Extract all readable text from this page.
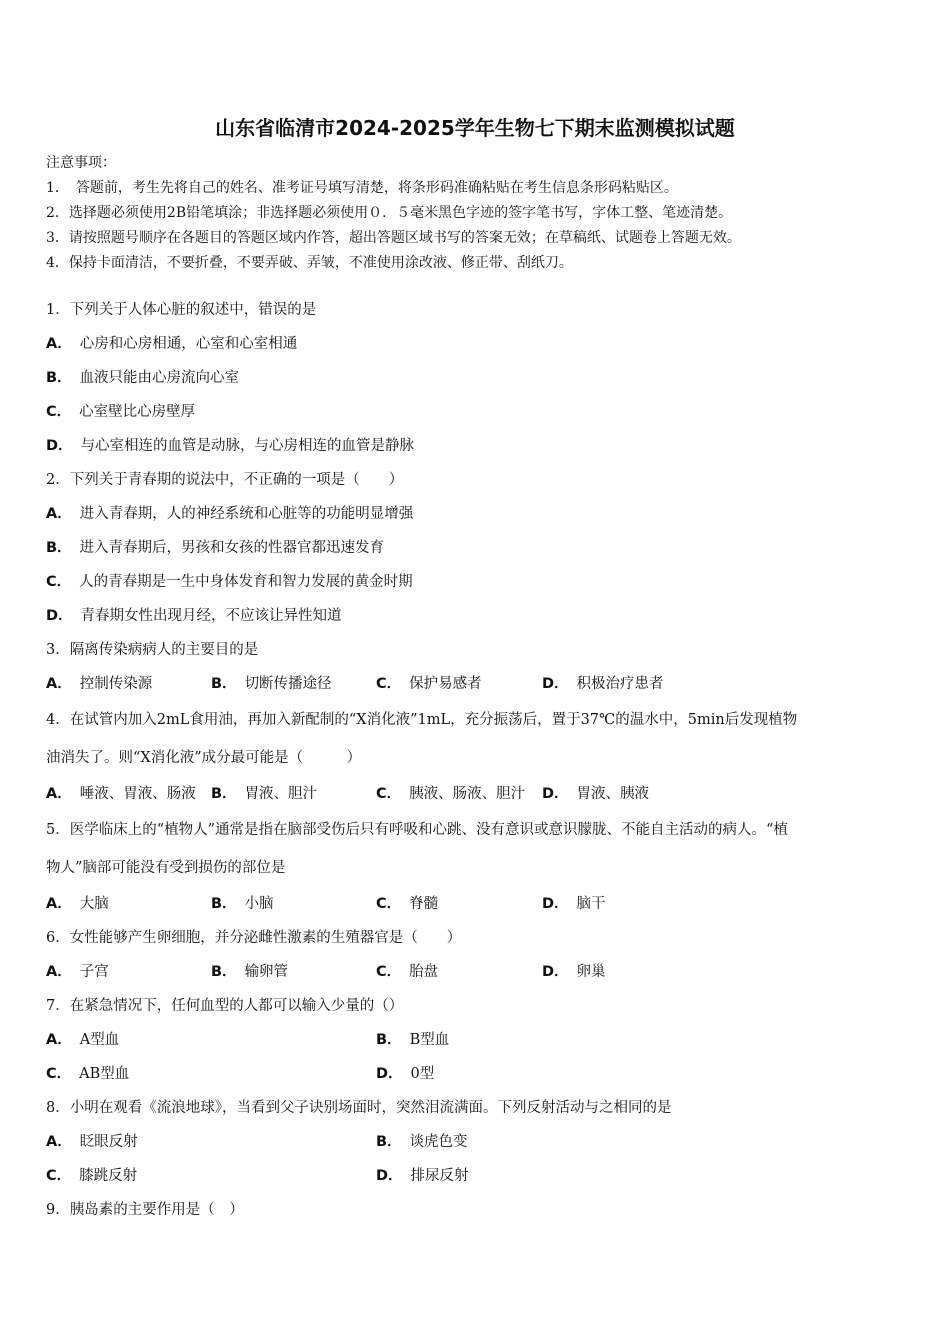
山东省临清市2024-2025学年生物七下期末监测模拟试题
注意事项：
1．　答题前，考生先将自己的姓名、准考证号填写清楚，将条形码准确粘贴在考生信息条形码粘贴区。
2．选择题必须使用2B铅笔填涂；非选择题必须使用０．５毫米黑色字迹的签字笔书写，字体工整、笔迹清楚。
3．请按照题号顺序在各题目的答题区域内作答，超出答题区域书写的答案无效；在草稿纸、试题卷上答题无效。
4．保持卡面清洁，不要折叠，不要弄破、弄皱，不准使用涂改液、修正带、刮纸刀。
1．下列关于人体心脏的叙述中，错误的是
A． 心房和心房相通，心室和心室相通
B． 血液只能由心房流向心室
C． 心室壁比心房壁厚
D． 与心室相连的血管是动脉，与心房相连的血管是静脉
2．下列关于青春期的说法中，不正确的一项是（　　）
A． 进入青春期，人的神经系统和心脏等的功能明显增强
B． 进入青春期后，男孩和女孩的性器官都迅速发育
C． 人的青春期是一生中身体发育和智力发展的黄金时期
D． 青春期女性出现月经，不应该让异性知道
3．隔离传染病病人的主要目的是
A． 控制传染源	B． 切断传播途径	C． 保护易感者	D． 积极治疗患者
4．在试管内加入2mL食用油，再加入新配制的“X消化液”1mL，充分振荡后，置于37℃的温水中，5min后发现植物
油消失了。则“X消化液”成分最可能是（　　　）
A． 唾液、胃液、肠液 B． 胃液、胆汁	C． 胰液、肠液、胆汁 D． 胃液、胰液
5．医学临床上的“植物人”通常是指在脑部受伤后只有呼吸和心跳、没有意识或意识朦胧、不能自主活动的病人。“植
物人”脑部可能没有受到损伤的部位是
A． 大脑	B． 小脑	C． 脊髓	D． 脑干
6．女性能够产生卵细胞，并分泌雌性激素的生殖器官是（　　）
A． 子宫	B． 输卵管	C． 胎盘	D． 卵巢
7．在紧急情况下，任何血型的人都可以输入少量的（）
A． A型血	B． B型血
C． AB型血	D． 0型
8．小明在观看《流浪地球》，当看到父子诀别场面时，突然泪流满面。下列反射活动与之相同的是
A． 眨眼反射	B． 谈虎色变
C． 膝跳反射	D． 排尿反射
9．胰岛素的主要作用是（　）
